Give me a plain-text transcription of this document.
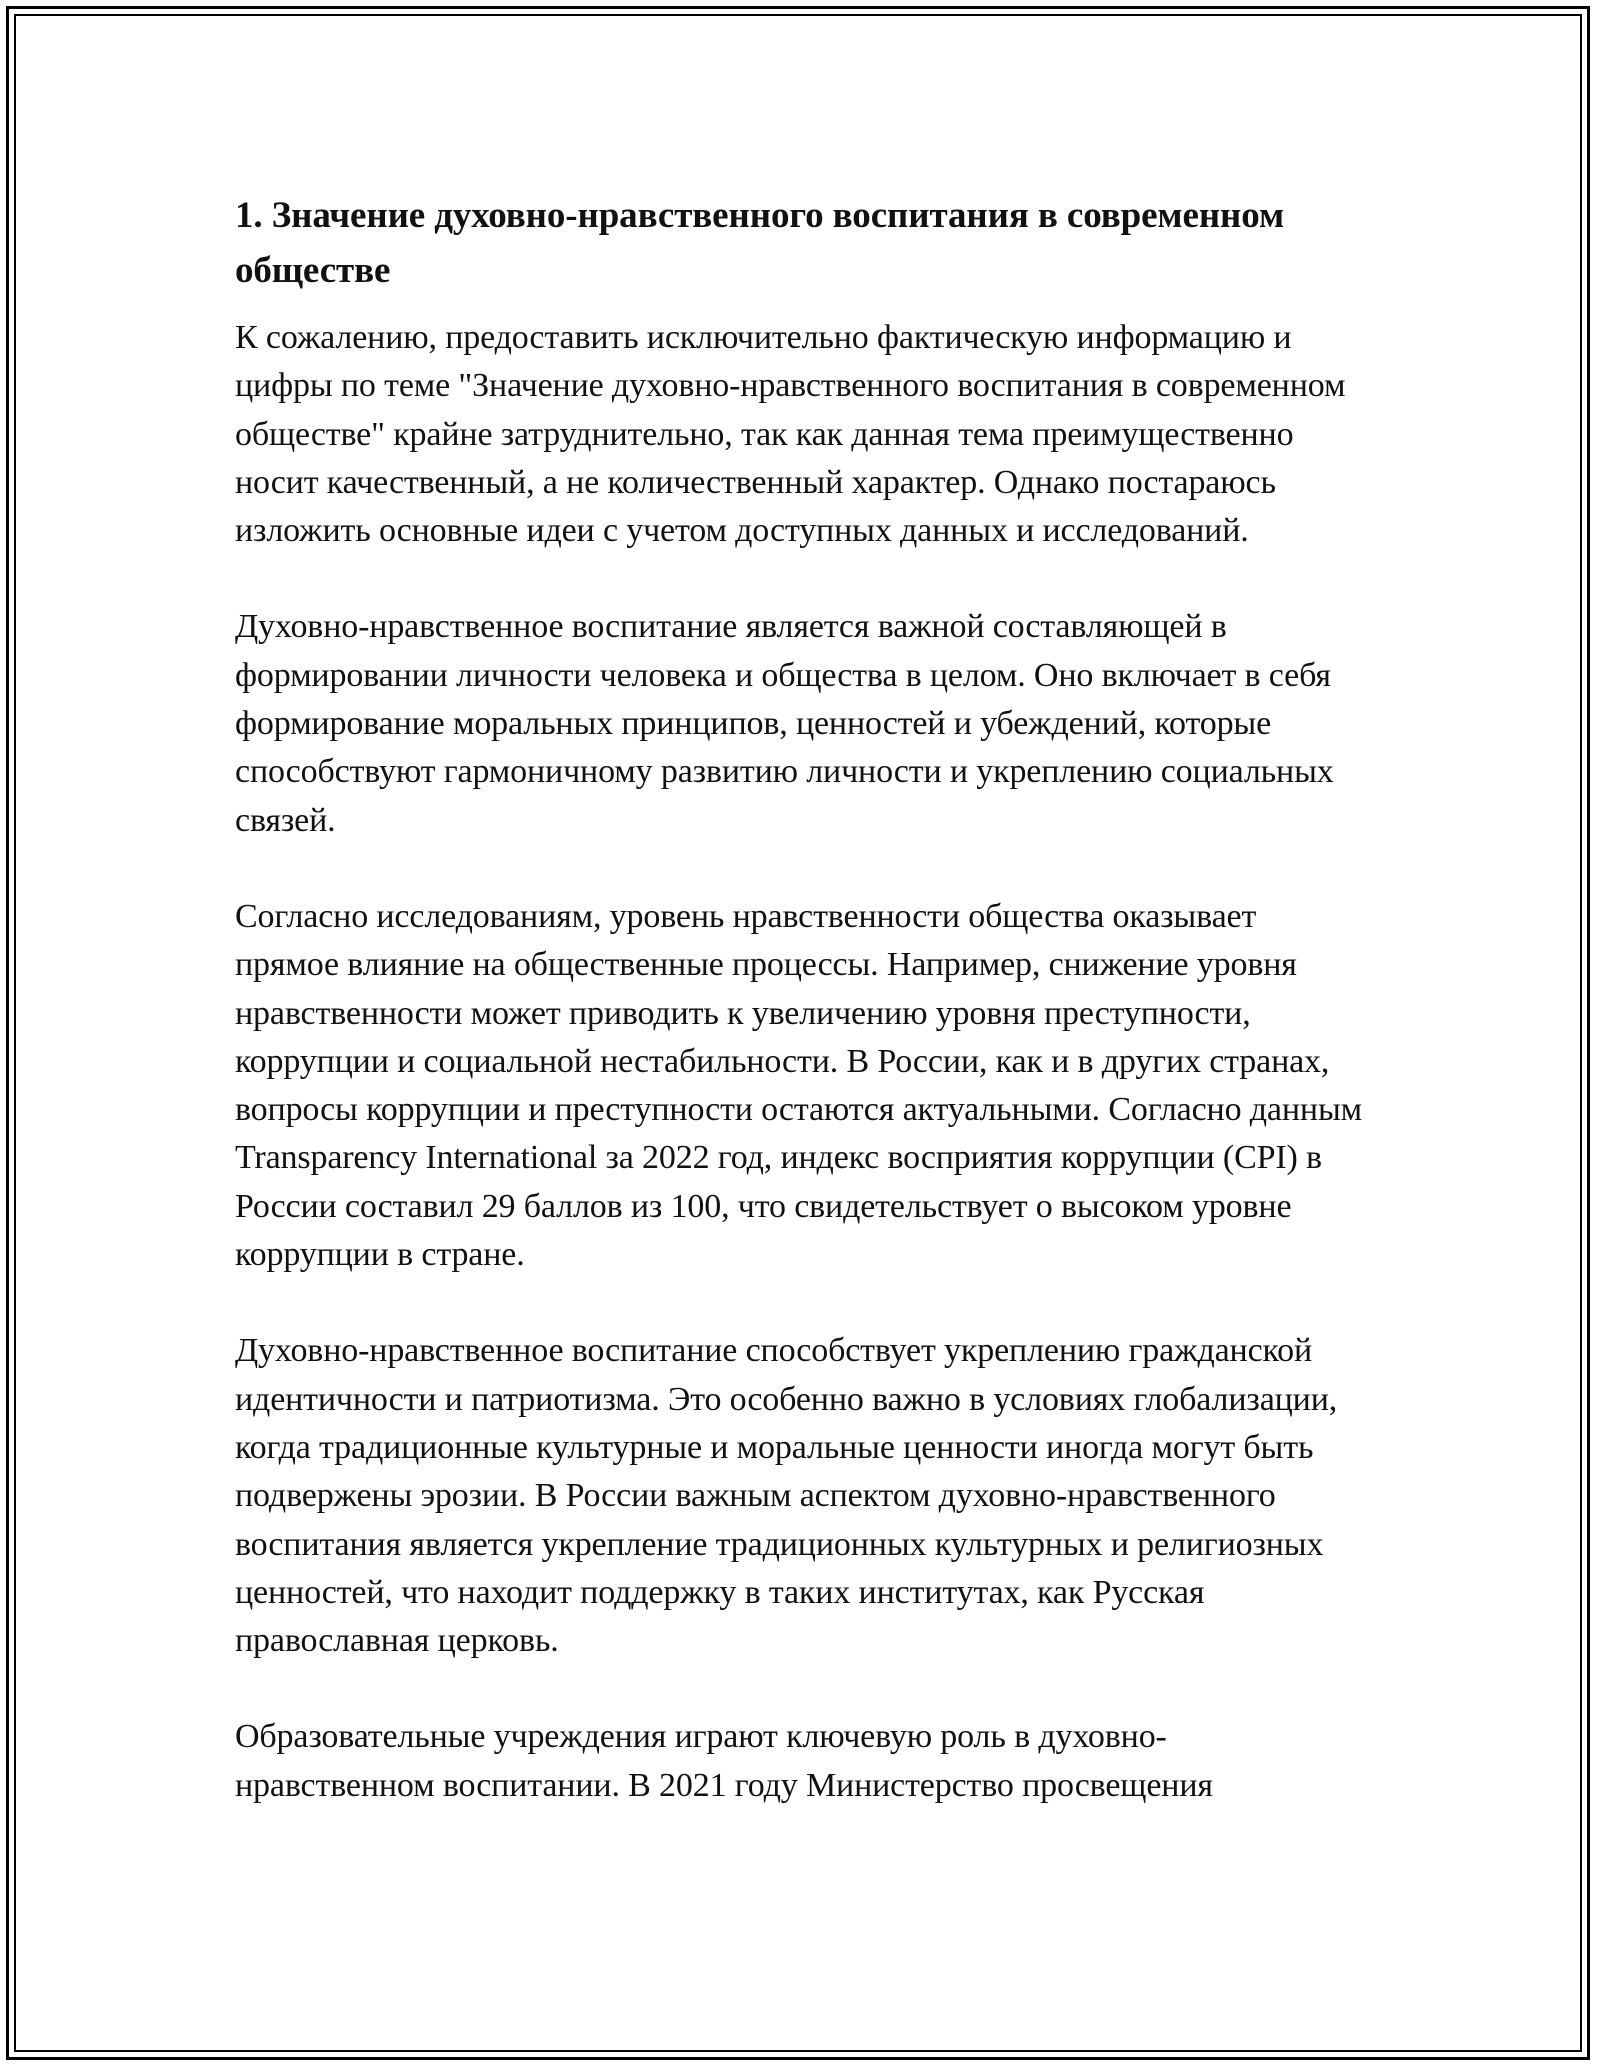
1. Значение духовно-нравственного воспитания в современном обществе

К сожалению, предоставить исключительно фактическую информацию и цифры по теме "Значение духовно-нравственного воспитания в современном обществе" крайне затруднительно, так как данная тема преимущественно носит качественный, а не количественный характер. Однако постараюсь изложить основные идеи с учетом доступных данных и исследований.

Духовно-нравственное воспитание является важной составляющей в формировании личности человека и общества в целом. Оно включает в себя формирование моральных принципов, ценностей и убеждений, которые способствуют гармоничному развитию личности и укреплению социальных связей.

Согласно исследованиям, уровень нравственности общества оказывает прямое влияние на общественные процессы. Например, снижение уровня нравственности может приводить к увеличению уровня преступности, коррупции и социальной нестабильности. В России, как и в других странах, вопросы коррупции и преступности остаются актуальными. Согласно данным Transparency International за 2022 год, индекс восприятия коррупции (CPI) в России составил 29 баллов из 100, что свидетельствует о высоком уровне коррупции в стране.

Духовно-нравственное воспитание способствует укреплению гражданской идентичности и патриотизма. Это особенно важно в условиях глобализации, когда традиционные культурные и моральные ценности иногда могут быть подвержены эрозии. В России важным аспектом духовно-нравственного воспитания является укрепление традиционных культурных и религиозных ценностей, что находит поддержку в таких институтах, как Русская православная церковь.

Образовательные учреждения играют ключевую роль в духовно-нравственном воспитании. В 2021 году Министерство просвещения
